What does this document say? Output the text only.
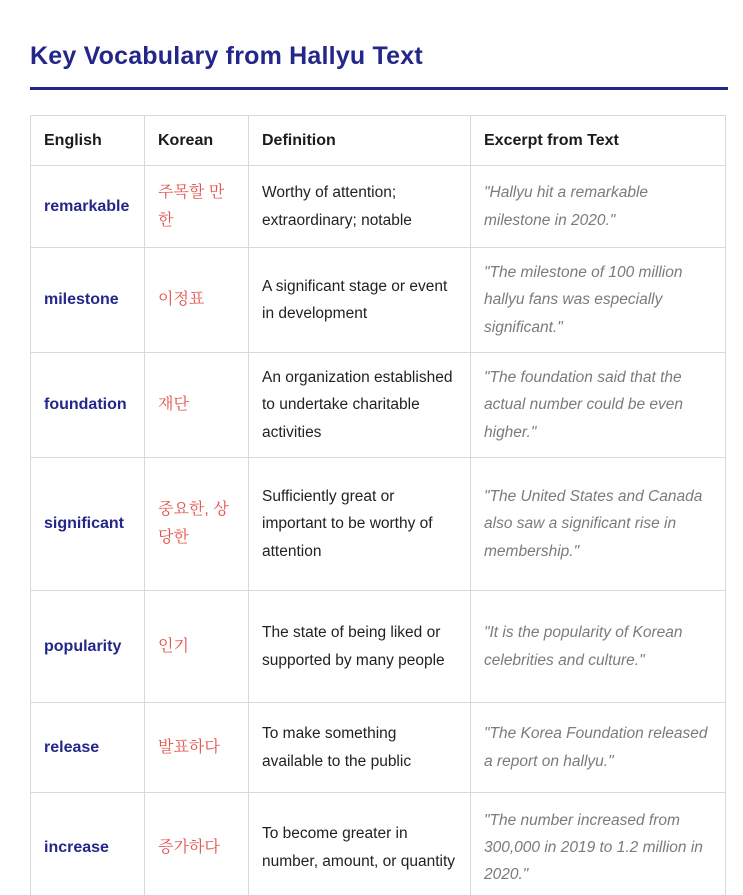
Key Vocabulary from Hallyu Text
English	Korean	Definition	Excerpt from Text
remarkable	주목할 만한	Worthy of attention; extraordinary; notable	"Hallyu hit a remarkable milestone in 2020."
milestone	이정표	A significant stage or event in development	"The milestone of 100 million hallyu fans was especially significant."
foundation	재단	An organization established to undertake charitable activities	"The foundation said that the actual number could be even higher."
significant	중요한, 상당한	Sufficiently great or important to be worthy of attention	"The United States and Canada also saw a significant rise in membership."
popularity	인기	The state of being liked or supported by many people	"It is the popularity of Korean celebrities and culture."
release	발표하다	To make something available to the public	"The Korea Foundation released a report on hallyu."
increase	증가하다	To become greater in number, amount, or quantity	"The number increased from 300,000 in 2019 to 1.2 million in 2020."
